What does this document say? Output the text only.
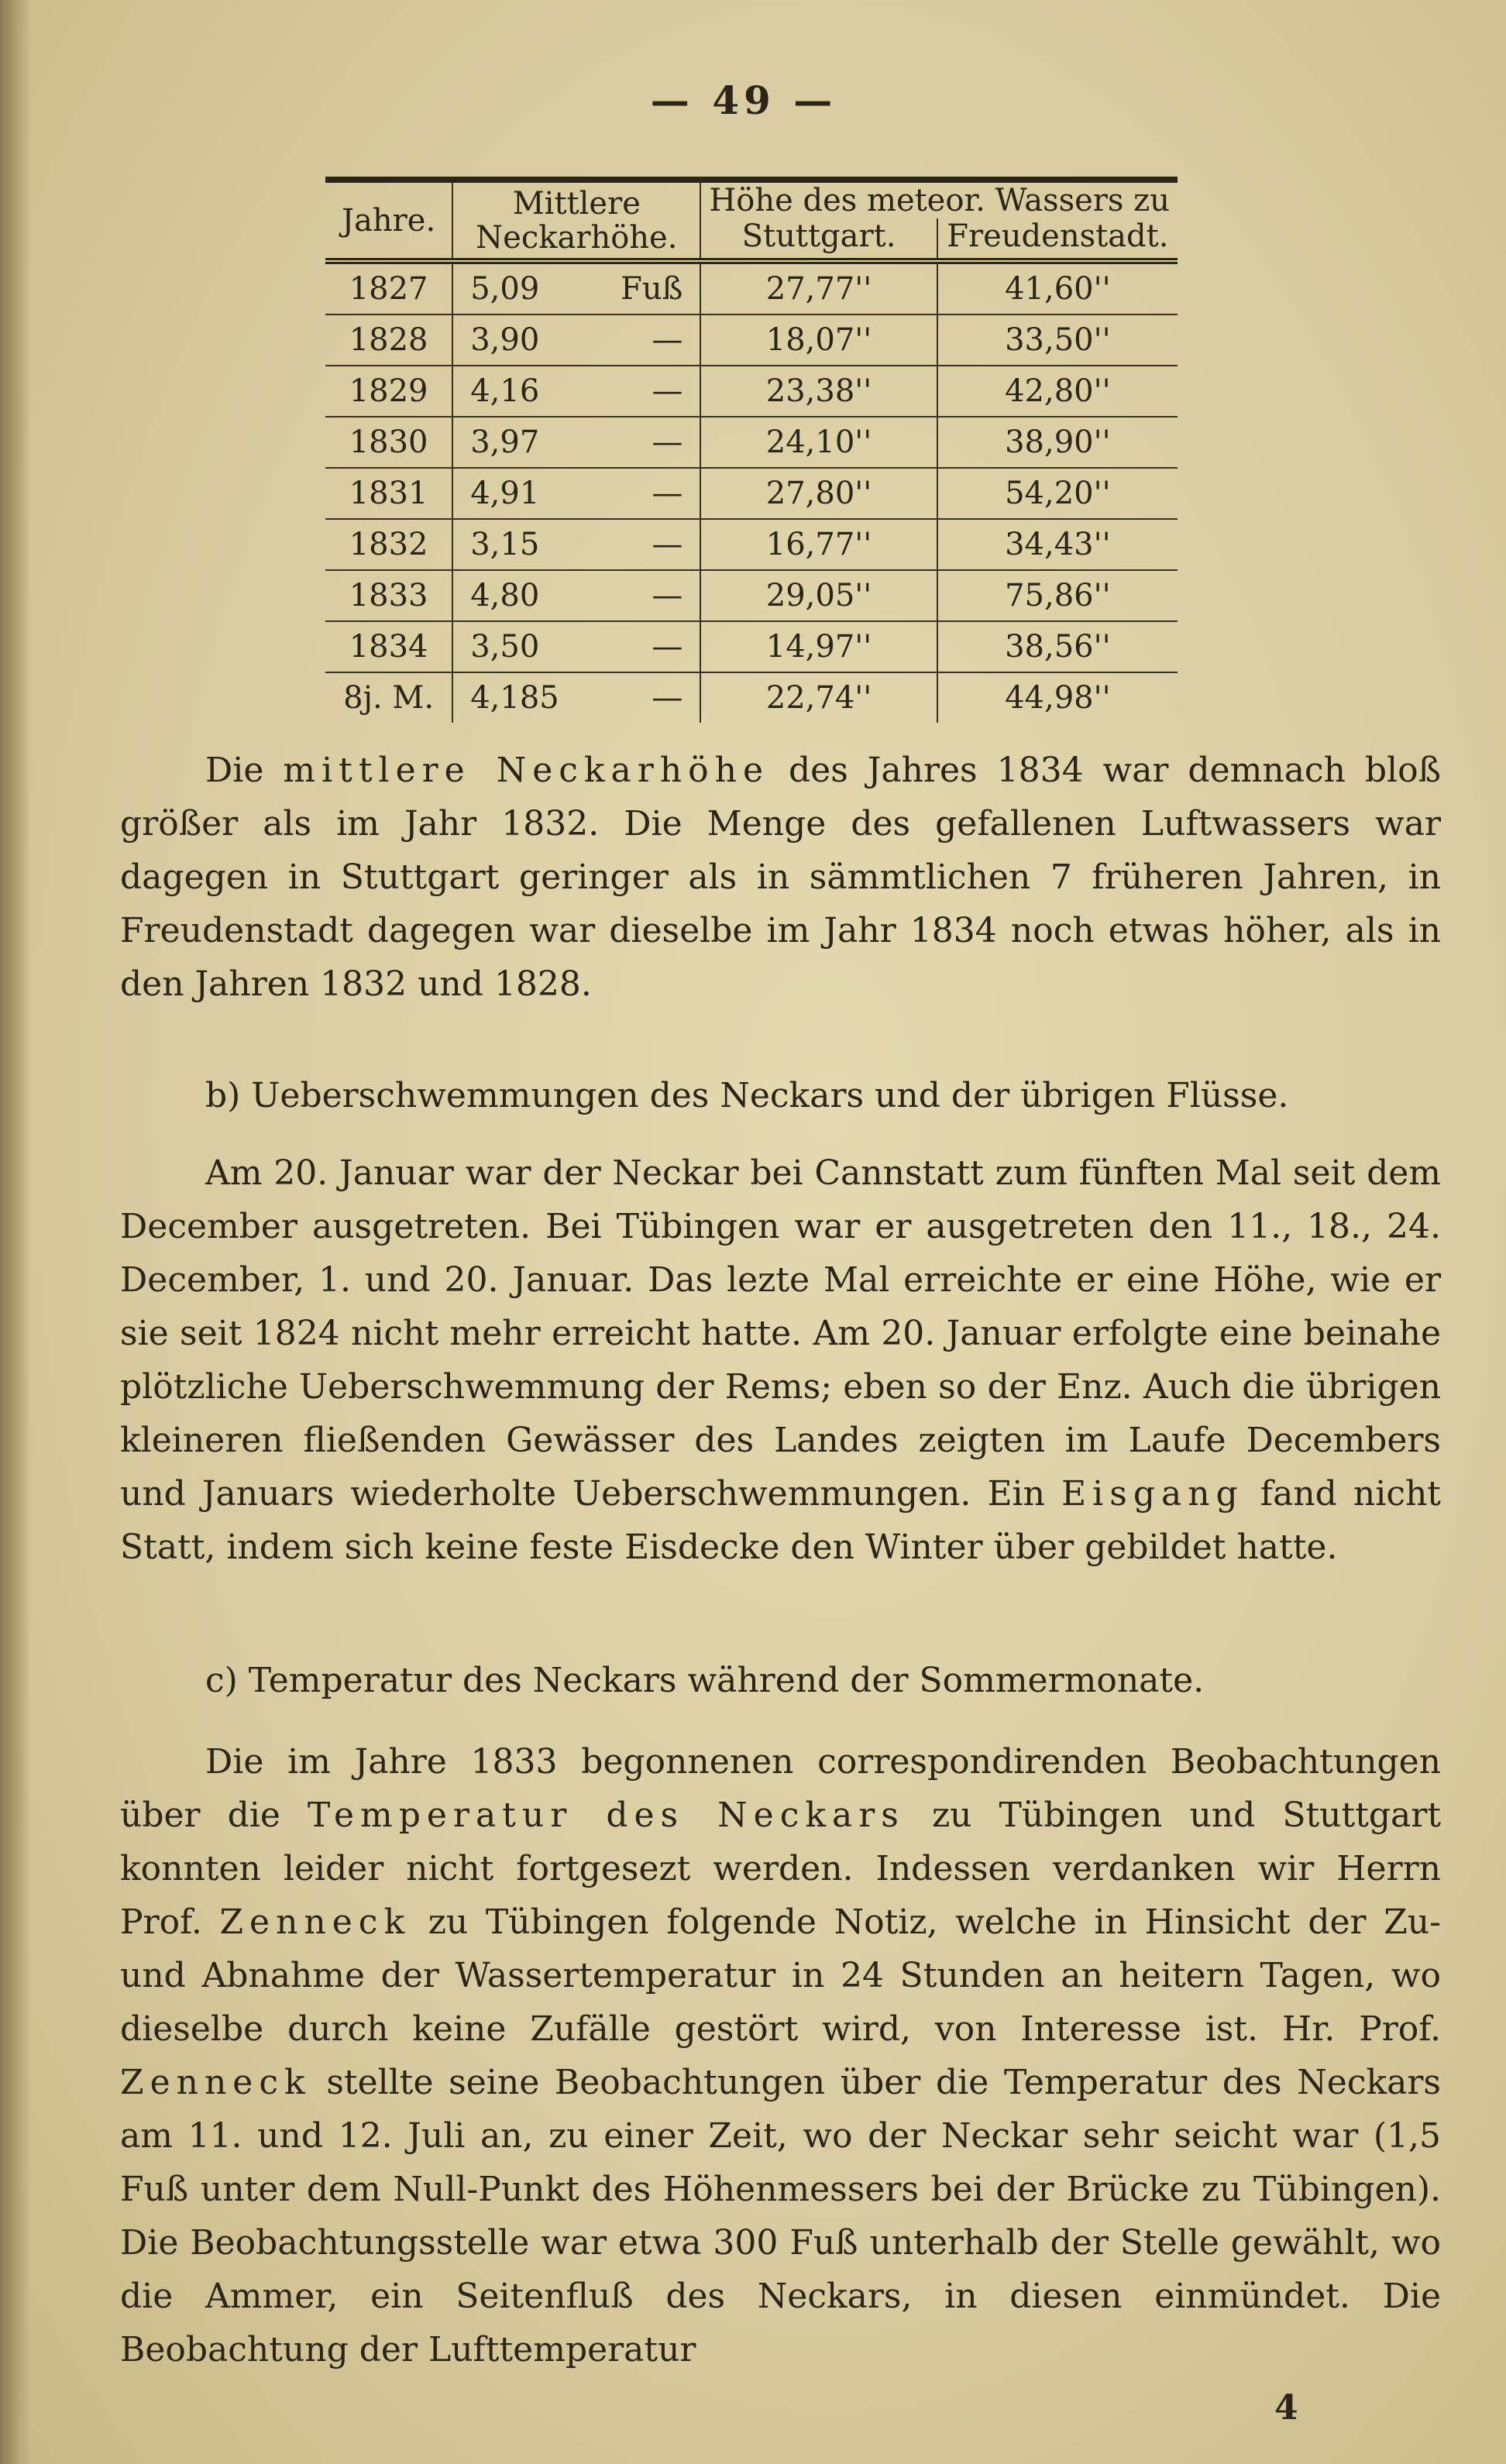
— 49 —
Jahre.	Mittlere Neckarhöhe.	Höhe des meteor. Wassers zu	
		Stuttgart.	Freudenstadt.
1827	5,09 Fuß	27,77''	41,60''
1828	3,90 —	18,07''	33,50''
1829	4,16 —	23,38''	42,80''
1830	3,97 —	24,10''	38,90''
1831	4,91 —	27,80''	54,20''
1832	3,15 —	16,77''	34,43''
1833	4,80 —	29,05''	75,86''
1834	3,50 —	14,97''	38,56''
8j. M.	4,185 —	22,74''	44,98''

Die mittlere Neckarhöhe des Jahres 1834 war demnach bloß größer als im Jahr 1832. Die Menge des gefallenen Luftwassers war dagegen in Stuttgart geringer als in sämmtlichen 7 früheren Jahren, in Freudenstadt dagegen war dieselbe im Jahr 1834 noch etwas höher, als in den Jahren 1832 und 1828.

b) Ueberschwemmungen des Neckars und der übrigen Flüsse.

Am 20. Januar war der Neckar bei Cannstatt zum fünften Mal seit dem December ausgetreten. Bei Tübingen war er ausgetreten den 11., 18., 24. December, 1. und 20. Januar. Das lezte Mal erreichte er eine Höhe, wie er sie seit 1824 nicht mehr erreicht hatte. Am 20. Januar erfolgte eine beinahe plötzliche Ueberschwemmung der Rems; eben so der Enz. Auch die übrigen kleineren fließenden Gewässer des Landes zeigten im Laufe Decembers und Januars wiederholte Ueberschwemmungen. Ein Eisgang fand nicht Statt, indem sich keine feste Eisdecke den Winter über gebildet hatte.

c) Temperatur des Neckars während der Sommermonate.

Die im Jahre 1833 begonnenen correspondirenden Beobachtungen über die Temperatur des Neckars zu Tübingen und Stuttgart konnten leider nicht fortgesezt werden. Indessen verdanken wir Herrn Prof. Zenneck zu Tübingen folgende Notiz, welche in Hinsicht der Zu- und Abnahme der Wassertemperatur in 24 Stunden an heitern Tagen, wo dieselbe durch keine Zufälle gestört wird, von Interesse ist. Hr. Prof. Zenneck stellte seine Beobachtungen über die Temperatur des Neckars am 11. und 12. Juli an, zu einer Zeit, wo der Neckar sehr seicht war (1,5 Fuß unter dem Null-Punkt des Höhenmessers bei der Brücke zu Tübingen). Die Beobachtungsstelle war etwa 300 Fuß unterhalb der Stelle gewählt, wo die Ammer, ein Seitenfluß des Neckars, in diesen einmündet. Die Beobachtung der Lufttemperatur

4
